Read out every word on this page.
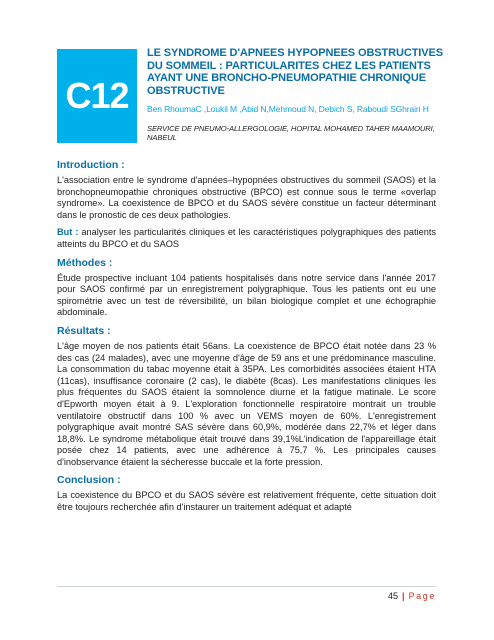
C12
LE SYNDROME D'APNEES HYPOPNEES OBSTRUCTIVES DU SOMMEIL : PARTICULARITES CHEZ LES PATIENTS AYANT UNE BRONCHO-PNEUMOPATHIE CHRONIQUE OBSTRUCTIVE
Ben RhoumaC ,Loukil M ,Abid N,Mehmoud N, Debich S, Raboudi SGhrairi H
SERVICE DE PNEUMO-ALLERGOLOGIE, HOPITAL MOHAMED TAHER MAAMOURI, NABEUL
Introduction :

L'association entre le syndrome d'apnées–hypopnées obstructives du sommeil (SAOS) et la bronchopneumopathie chroniques obstructive (BPCO) est connue sous le terme «overlap syndrome». La coexistence de BPCO et du SAOS sévère constitue un facteur déterminant dans le pronostic de ces deux pathologies.

But : analyser les particularités cliniques et les caractéristiques polygraphiques des patients atteints du BPCO et du SAOS

Méthodes :

Étude prospective incluant 104 patients hospitalisés dans notre service dans l'année 2017 pour SAOS confirmé par un enregistrement polygraphique. Tous les patients ont eu une spirométrie avec un test de réversibilité, un bilan biologique complet et une échographie abdominale.

Résultats :

L'âge moyen de nos patients était 56ans. La coexistence de BPCO était notée dans 23 % des cas (24 malades), avec une moyenne d'âge de 59 ans et une prédominance masculine. La consommation du tabac moyenne était à 35PA. Les comorbidités associées étaient HTA (11cas), insuffisance coronaire (2 cas), le diabète (8cas). Les manifestations cliniques les plus fréquentes du SAOS étaient la somnolence diurne et la fatigue matinale. Le score d'Epworth moyen était à 9. L'exploration fonctionnelle respiratoire montrait un trouble ventilatoire obstructif dans 100 % avec un VEMS moyen de 60%. L'enregistrement polygraphique avait montré SAS sévère dans 60,9%, modérée dans 22,7% et léger dans 18,8%. Le syndrome métabolique était trouvé dans 39,1%L'indication de l'appareillage était posée chez 14 patients, avec une adhérence à 75,7 %. Les principales causes d'inobservance étaient la sécheresse buccale et la forte pression.

Conclusion :

La coexistence du BPCO et du SAOS sévère est relativement fréquente, cette situation doit être toujours recherchée afin d'instaurer un traitement adéquat et adapté

45 | Page
